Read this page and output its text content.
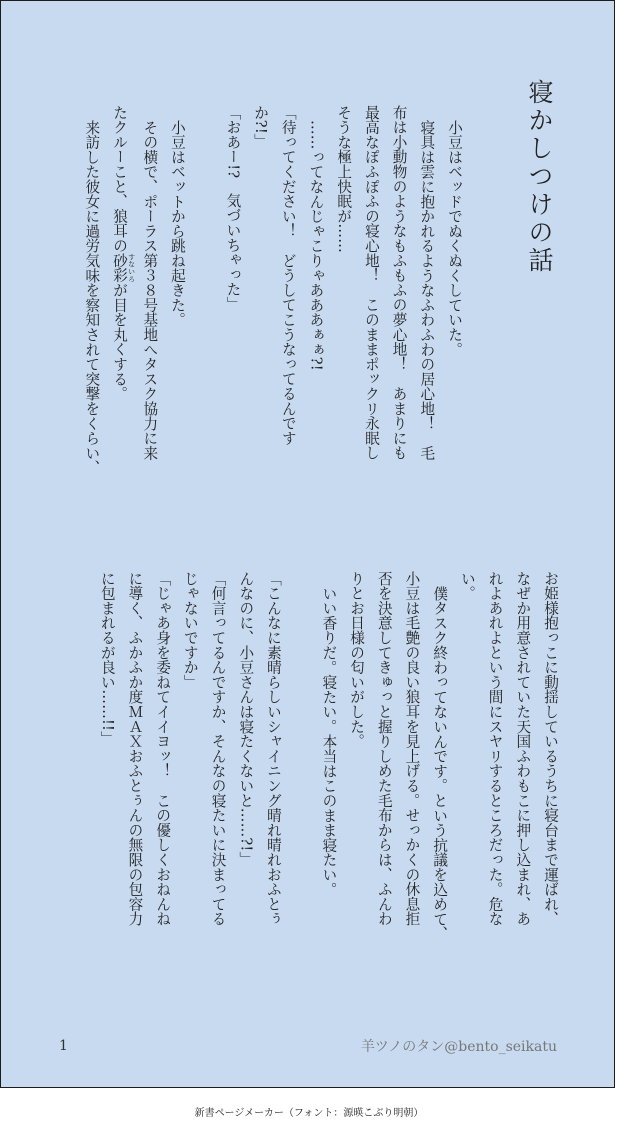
寝かしつけの話

小豆はベッドでぬくぬくしていた。

寝具は雲に抱かれるようなふわふわの居心地！　毛

布は小動物のようなもふもふの夢心地！　あまりにも

最高なぽふぽふの寝心地！　このままポックリ永眠し

そうな極上快眠が……

……ってなんじゃこりゃあああぁぁ?!

「待ってください！　どうしてこうなってるんです

か?!」

「おあー!?　気づいちゃった」

小豆はベットから跳ね起きた。

その横で、ポーラス第３８号基地へタスク協力に来

たクルーこと、狼耳の砂彩 すないろが目を丸くする。

来訪した彼女に過労気味を察知されて突撃をくらい、

お姫様抱っこに動揺しているうちに寝台まで運ばれ、

なぜか用意されていた天国ふわもこに押し込まれ、あ

れよあれよという間にスヤリするところだった。危な

い。

僕タスク終わってないんです。という抗議を込めて、

小豆は毛艶の良い狼耳を見上げる。せっかくの休息拒

否を決意してきゅっと握りしめた毛布からは、ふんわ

りとお日様の匂いがした。

いい香りだ。寝たい。本当はこのまま寝たい。

「こんなに素晴らしいシャイニング晴れ晴れおふとぅ

んなのに、小豆さんは寝たくないと……?!」

「何言ってるんですか、そんなの寝たいに決まってる

じゃないですか」

「じゃあ身を委ねてイイヨッ！　この優しくおねんね

に導く、ふかふか度ＭＡＸおふとぅんの無限の包容力

に包まれるが良い……!!」

1	羊ツノのタン@bento_seikatu
新書ページメーカー（フォント：源暎こぶり明朝）
